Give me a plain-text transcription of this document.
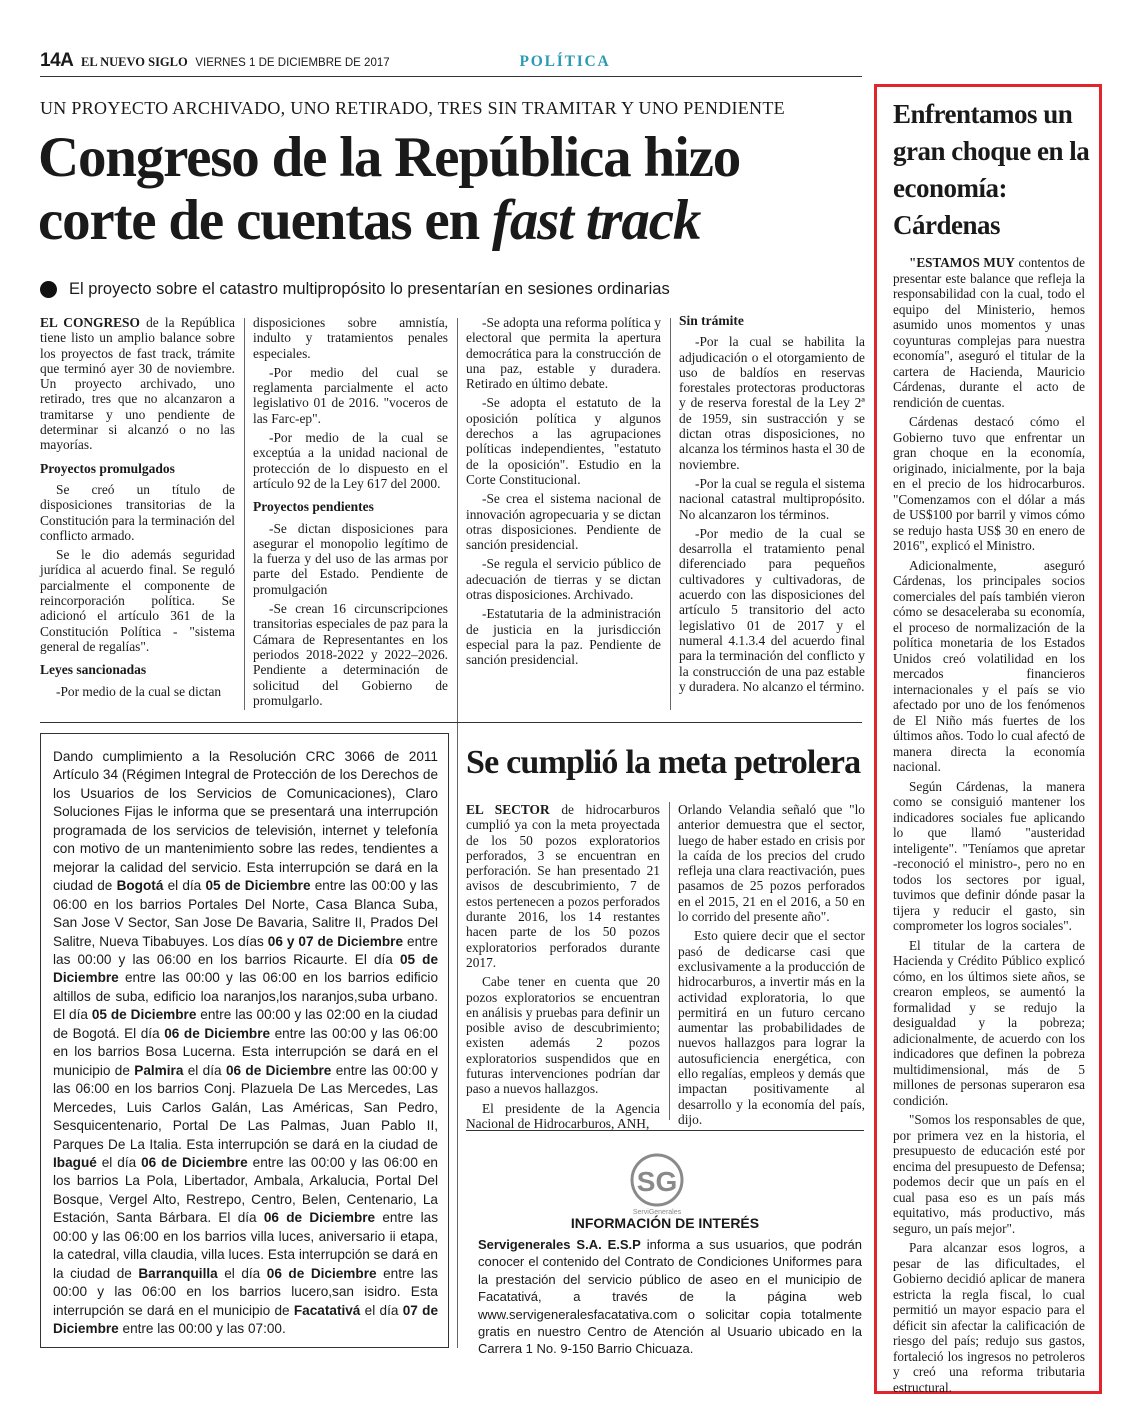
14A EL NUEVO SIGLO VIERNES 1 DE DICIEMBRE DE 2017	POLÍTICA
UN PROYECTO ARCHIVADO, UNO RETIRADO, TRES SIN TRAMITAR Y UNO PENDIENTE
Congreso de la República hizo
corte de cuentas en fast track
El proyecto sobre el catastro multipropósito lo presentarían en sesiones ordinarias

EL CONGRESO de la República tiene listo un amplio balance sobre los proyectos de fast track, trámite que terminó ayer 30 de noviembre. Un proyecto archivado, uno retirado, tres que no alcanzaron a tramitarse y uno pendiente de determinar si alcanzó o no las mayorías.

Proyectos promulgados

Se creó un título de disposiciones transitorias de la Constitución para la terminación del conflicto armado.

Se le dio además seguridad jurídica al acuerdo final. Se reguló parcialmente el componente de reincorporación política. Se adicionó el artículo 361 de la Constitución Política - "sistema general de regalías".

Leyes sancionadas

-Por medio de la cual se dictan

disposiciones sobre amnistía, indulto y tratamientos penales especiales.

-Por medio del cual se reglamenta parcialmente el acto legislativo 01 de 2016. "voceros de las Farc-ep".

-Por medio de la cual se exceptúa a la unidad nacional de protección de lo dispuesto en el artículo 92 de la Ley 617 del 2000.

Proyectos pendientes

-Se dictan disposiciones para asegurar el monopolio legítimo de la fuerza y del uso de las armas por parte del Estado. Pendiente de promulgación

-Se crean 16 circunscripciones transitorias especiales de paz para la Cámara de Representantes en los periodos 2018-2022 y 2022–2026. Pendiente a determinación de solicitud del Gobierno de promulgarlo.

-Se adopta una reforma política y electoral que permita la apertura democrática para la construcción de una paz, estable y duradera. Retirado en último debate.

-Se adopta el estatuto de la oposición política y algunos derechos a las agrupaciones políticas independientes, "estatuto de la oposición". Estudio en la Corte Constitucional.

-Se crea el sistema nacional de innovación agropecuaria y se dictan otras disposiciones. Pendiente de sanción presidencial.

-Se regula el servicio público de adecuación de tierras y se dictan otras disposiciones. Archivado.

-Estatutaria de la administración de justicia en la jurisdicción especial para la paz. Pendiente de sanción presidencial.

Sin trámite

-Por la cual se habilita la adjudicación o el otorgamiento de uso de baldíos en reservas forestales protectoras productoras y de reserva forestal de la Ley 2ª de 1959, sin sustracción y se dictan otras disposiciones, no alcanza los términos hasta el 30 de noviembre.

-Por la cual se regula el sistema nacional catastral multipropósito. No alcanzaron los términos.

-Por medio de la cual se desarrolla el tratamiento penal diferenciado para pequeños cultivadores y cultivadoras, de acuerdo con las disposiciones del artículo 5 transitorio del acto legislativo 01 de 2017 y el numeral 4.1.3.4 del acuerdo final para la terminación del conflicto y la construcción de una paz estable y duradera. No alcanzo el término.

Dando cumplimiento a la Resolución CRC 3066 de 2011 Artículo 34 (Régimen Integral de Protección de los Derechos de los Usuarios de los Servicios de Comunicaciones), Claro Soluciones Fijas le informa que se presentará una interrupción programada de los servicios de televisión, internet y telefonía con motivo de un mantenimiento sobre las redes, tendientes a mejorar la calidad del servicio. Esta interrupción se dará en la ciudad de Bogotá el día 05 de Diciembre entre las 00:00 y las 06:00 en los barrios Portales Del Norte, Casa Blanca Suba, San Jose V Sector, San Jose De Bavaria, Salitre II, Prados Del Salitre, Nueva Tibabuyes. Los días 06 y 07 de Diciembre entre las 00:00 y las 06:00 en los barrios Ricaurte. El día 05 de Diciembre entre las 00:00 y las 06:00 en los barrios edificio altillos de suba, edificio loa naranjos,los naranjos,suba urbano. El día 05 de Diciembre entre las 00:00 y las 02:00 en la ciudad de Bogotá. El día 06 de Diciembre entre las 00:00 y las 06:00 en los barrios Bosa Lucerna. Esta interrupción se dará en el municipio de Palmira el día 06 de Diciembre entre las 00:00 y las 06:00 en los barrios Conj. Plazuela De Las Mercedes, Las Mercedes, Luis Carlos Galán, Las Américas, San Pedro, Sesquicentenario, Portal De Las Palmas, Juan Pablo II, Parques De La Italia. Esta interrupción se dará en la ciudad de Ibagué el día 06 de Diciembre entre las 00:00 y las 06:00 en los barrios La Pola, Libertador, Ambala, Arkalucia, Portal Del Bosque, Vergel Alto, Restrepo, Centro, Belen, Centenario, La Estación, Santa Bárbara. El día 06 de Diciembre entre las 00:00 y las 06:00 en los barrios villa luces, aniversario ii etapa, la catedral, villa claudia, villa luces. Esta interrupción se dará en la ciudad de Barranquilla el día 06 de Diciembre entre las 00:00 y las 06:00 en los barrios lucero,san isidro. Esta interrupción se dará en el municipio de Facatativá el día 07 de Diciembre entre las 00:00 y las 07:00.
Se cumplió la meta petrolera

EL SECTOR de hidrocarburos cumplió ya con la meta proyectada de los 50 pozos exploratorios perforados, 3 se encuentran en perforación. Se han presentado 21 avisos de descubrimiento, 7 de estos pertenecen a pozos perforados durante 2016, los 14 restantes hacen parte de los 50 pozos exploratorios perforados durante 2017.

Cabe tener en cuenta que 20 pozos exploratorios se encuentran en análisis y pruebas para definir un posible aviso de descubrimiento; existen además 2 pozos exploratorios suspendidos que en futuras intervenciones podrían dar paso a nuevos hallazgos.

El presidente de la Agencia Nacional de Hidrocarburos, ANH,

Orlando Velandia señaló que "lo anterior demuestra que el sector, luego de haber estado en crisis por la caída de los precios del crudo refleja una clara reactivación, pues pasamos de 25 pozos perforados en el 2015, 21 en el 2016, a 50 en lo corrido del presente año".

Esto quiere decir que el sector pasó de dedicarse casi que exclusivamente a la producción de hidrocarburos, a invertir más en la actividad exploratoria, lo que permitirá en un futuro cercano aumentar las probabilidades de nuevos hallazgos para lograr la autosuficiencia energética, con ello regalías, empleos y demás que impactan positivamente al desarrollo y la economía del país, dijo.

SG
ServiGenerales
INFORMACIÓN DE INTERÉS
Servigenerales S.A. E.S.P informa a sus usuarios, que podrán conocer el contenido del Contrato de Condiciones Uniformes para la prestación del servicio público de aseo en el municipio de Facatativá, a través de la página web www.servigeneralesfacatativa.com o solicitar copia totalmente gratis en nuestro Centro de Atención al Usuario ubicado en la Carrera 1 No. 9-150 Barrio Chicuaza.
Enfrentamos un gran choque en la economía: Cárdenas

"ESTAMOS MUY contentos de presentar este balance que refleja la responsabilidad con la cual, todo el equipo del Ministerio, hemos asumido unos momentos y unas coyunturas complejas para nuestra economía", aseguró el titular de la cartera de Hacienda, Mauricio Cárdenas, durante el acto de rendición de cuentas.

Cárdenas destacó cómo el Gobierno tuvo que enfrentar un gran choque en la economía, originado, inicialmente, por la baja en el precio de los hidrocarburos. "Comenzamos con el dólar a más de US$100 por barril y vimos cómo se redujo hasta US$ 30 en enero de 2016", explicó el Ministro.

Adicionalmente, aseguró Cárdenas, los principales socios comerciales del país también vieron cómo se desaceleraba su economía, el proceso de normalización de la política monetaria de los Estados Unidos creó volatilidad en los mercados financieros internacionales y el país se vio afectado por uno de los fenómenos de El Niño más fuertes de los últimos años. Todo lo cual afectó de manera directa la economía nacional.

Según Cárdenas, la manera como se consiguió mantener los indicadores sociales fue aplicando lo que llamó "austeridad inteligente". "Teníamos que apretar -reconoció el ministro-, pero no en todos los sectores por igual, tuvimos que definir dónde pasar la tijera y reducir el gasto, sin comprometer los logros sociales".

El titular de la cartera de Hacienda y Crédito Público explicó cómo, en los últimos siete años, se crearon empleos, se aumentó la formalidad y se redujo la desigualdad y la pobreza; adicionalmente, de acuerdo con los indicadores que definen la pobreza multidimensional, más de 5 millones de personas superaron esa condición.

"Somos los responsables de que, por primera vez en la historia, el presupuesto de educación esté por encima del presupuesto de Defensa; podemos decir que un país en el cual pasa eso es un país más equitativo, más productivo, más seguro, un país mejor".

Para alcanzar esos logros, a pesar de las dificultades, el Gobierno decidió aplicar de manera estricta la regla fiscal, lo cual permitió un mayor espacio para el déficit sin afectar la calificación de riesgo del país; redujo sus gastos, fortaleció los ingresos no petroleros y creó una reforma tributaria estructural.
